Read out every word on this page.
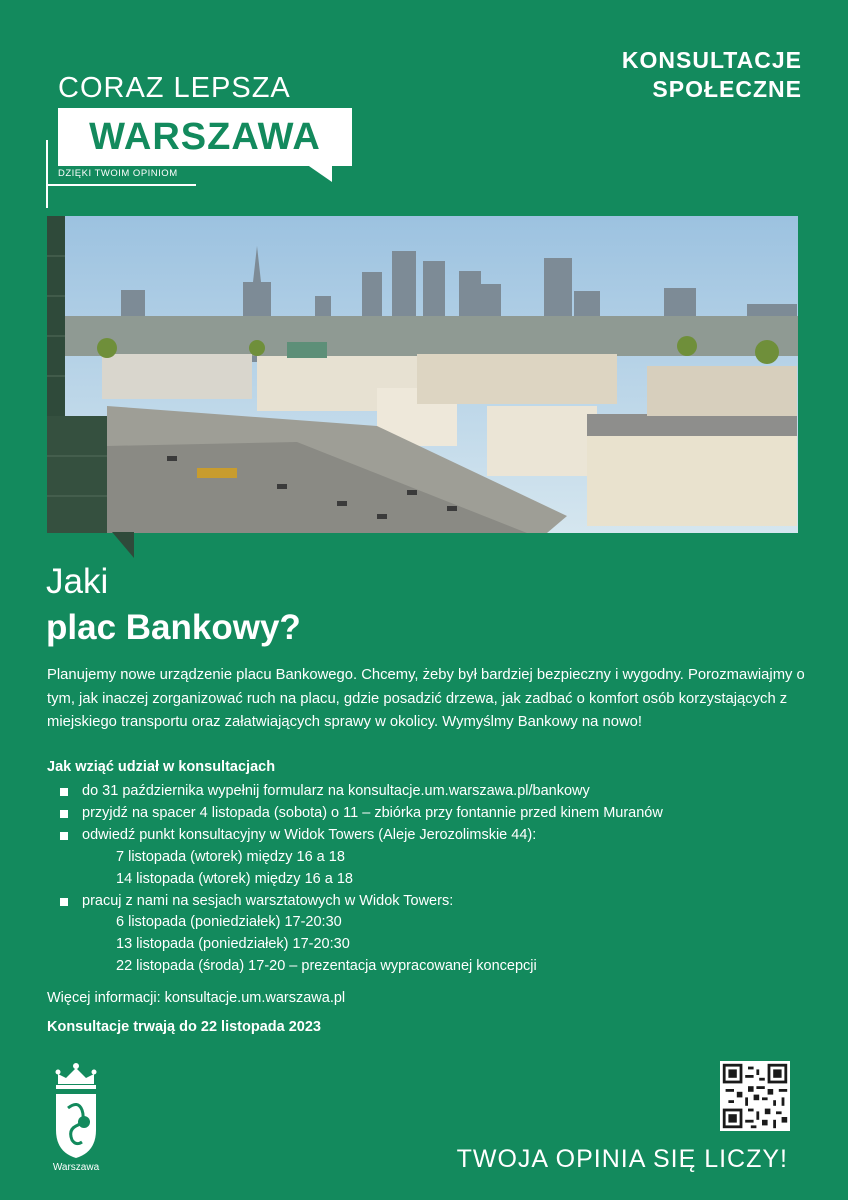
KONSULTACJE
SPOŁECZNE
CORAZ LEPSZA
WARSZAWA
DZIĘKI TWOIM OPINIOM
Jaki
plac Bankowy?
Planujemy nowe urządzenie placu Bankowego. Chcemy, żeby był bardziej bezpieczny i wygodny. Porozmawiajmy o tym, jak inaczej zorganizować ruch na placu, gdzie posadzić drzewa, jak zadbać o komfort osób korzystających z miejskiego transportu oraz załatwiających sprawy w okolicy. Wymyślmy Bankowy na nowo!
Jak wziąć udział w konsultacjach
do 31 października wypełnij formularz na konsultacje.um.warszawa.pl/bankowy
przyjdź na spacer 4 listopada (sobota) o 11 – zbiórka przy fontannie przed kinem Muranów
odwiedź punkt konsultacyjny w Widok Towers (Aleje Jerozolimskie 44):
7 listopada (wtorek) między 16 a 18
14 listopada (wtorek) między 16 a 18
pracuj z nami na sesjach warsztatowych w Widok Towers:
6 listopada (poniedziałek) 17-20:30
13 listopada (poniedziałek) 17-20:30
22 listopada (środa) 17-20 – prezentacja wypracowanej koncepcji
Więcej informacji: konsultacje.um.warszawa.pl
Konsultacje trwają do 22 listopada 2023
Warszawa	TWOJA OPINIA SIĘ LICZY!
